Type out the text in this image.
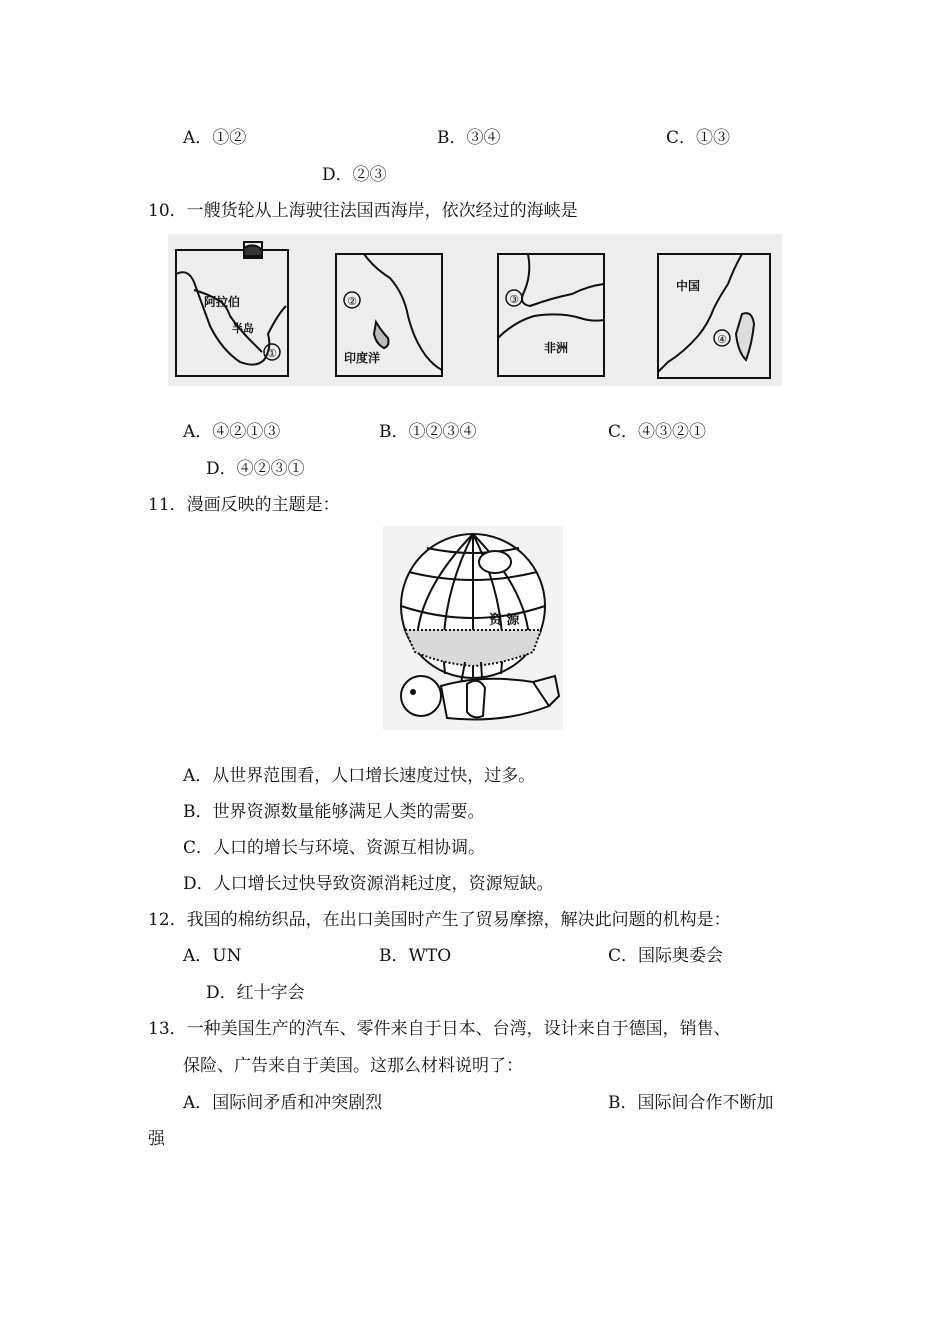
A．①②	B．③④	C．①③
D．②③
10．一艘货轮从上海驶往法国西海岸，依次经过的海峡是
①
阿拉伯
半岛
②
印度洋
③
非洲
④
中国
A．④②①③	B．①②③④	C．④③②①
D．④②③①
11．漫画反映的主题是：
资 源
A．从世界范围看，人口增长速度过快，过多。
B．世界资源数量能够满足人类的需要。
C．人口的增长与环境、资源互相协调。
D．人口增长过快导致资源消耗过度，资源短缺。
12．我国的棉纺织品，在出口美国时产生了贸易摩擦，解决此问题的机构是：
A．UN	B．WTO	C．国际奥委会
D．红十字会
13．一种美国生产的汽车、零件来自于日本、台湾，设计来自于德国，销售、
保险、广告来自于美国。这那么材料说明了：
A．国际间矛盾和冲突剧烈	B．国际间合作不断加
强
